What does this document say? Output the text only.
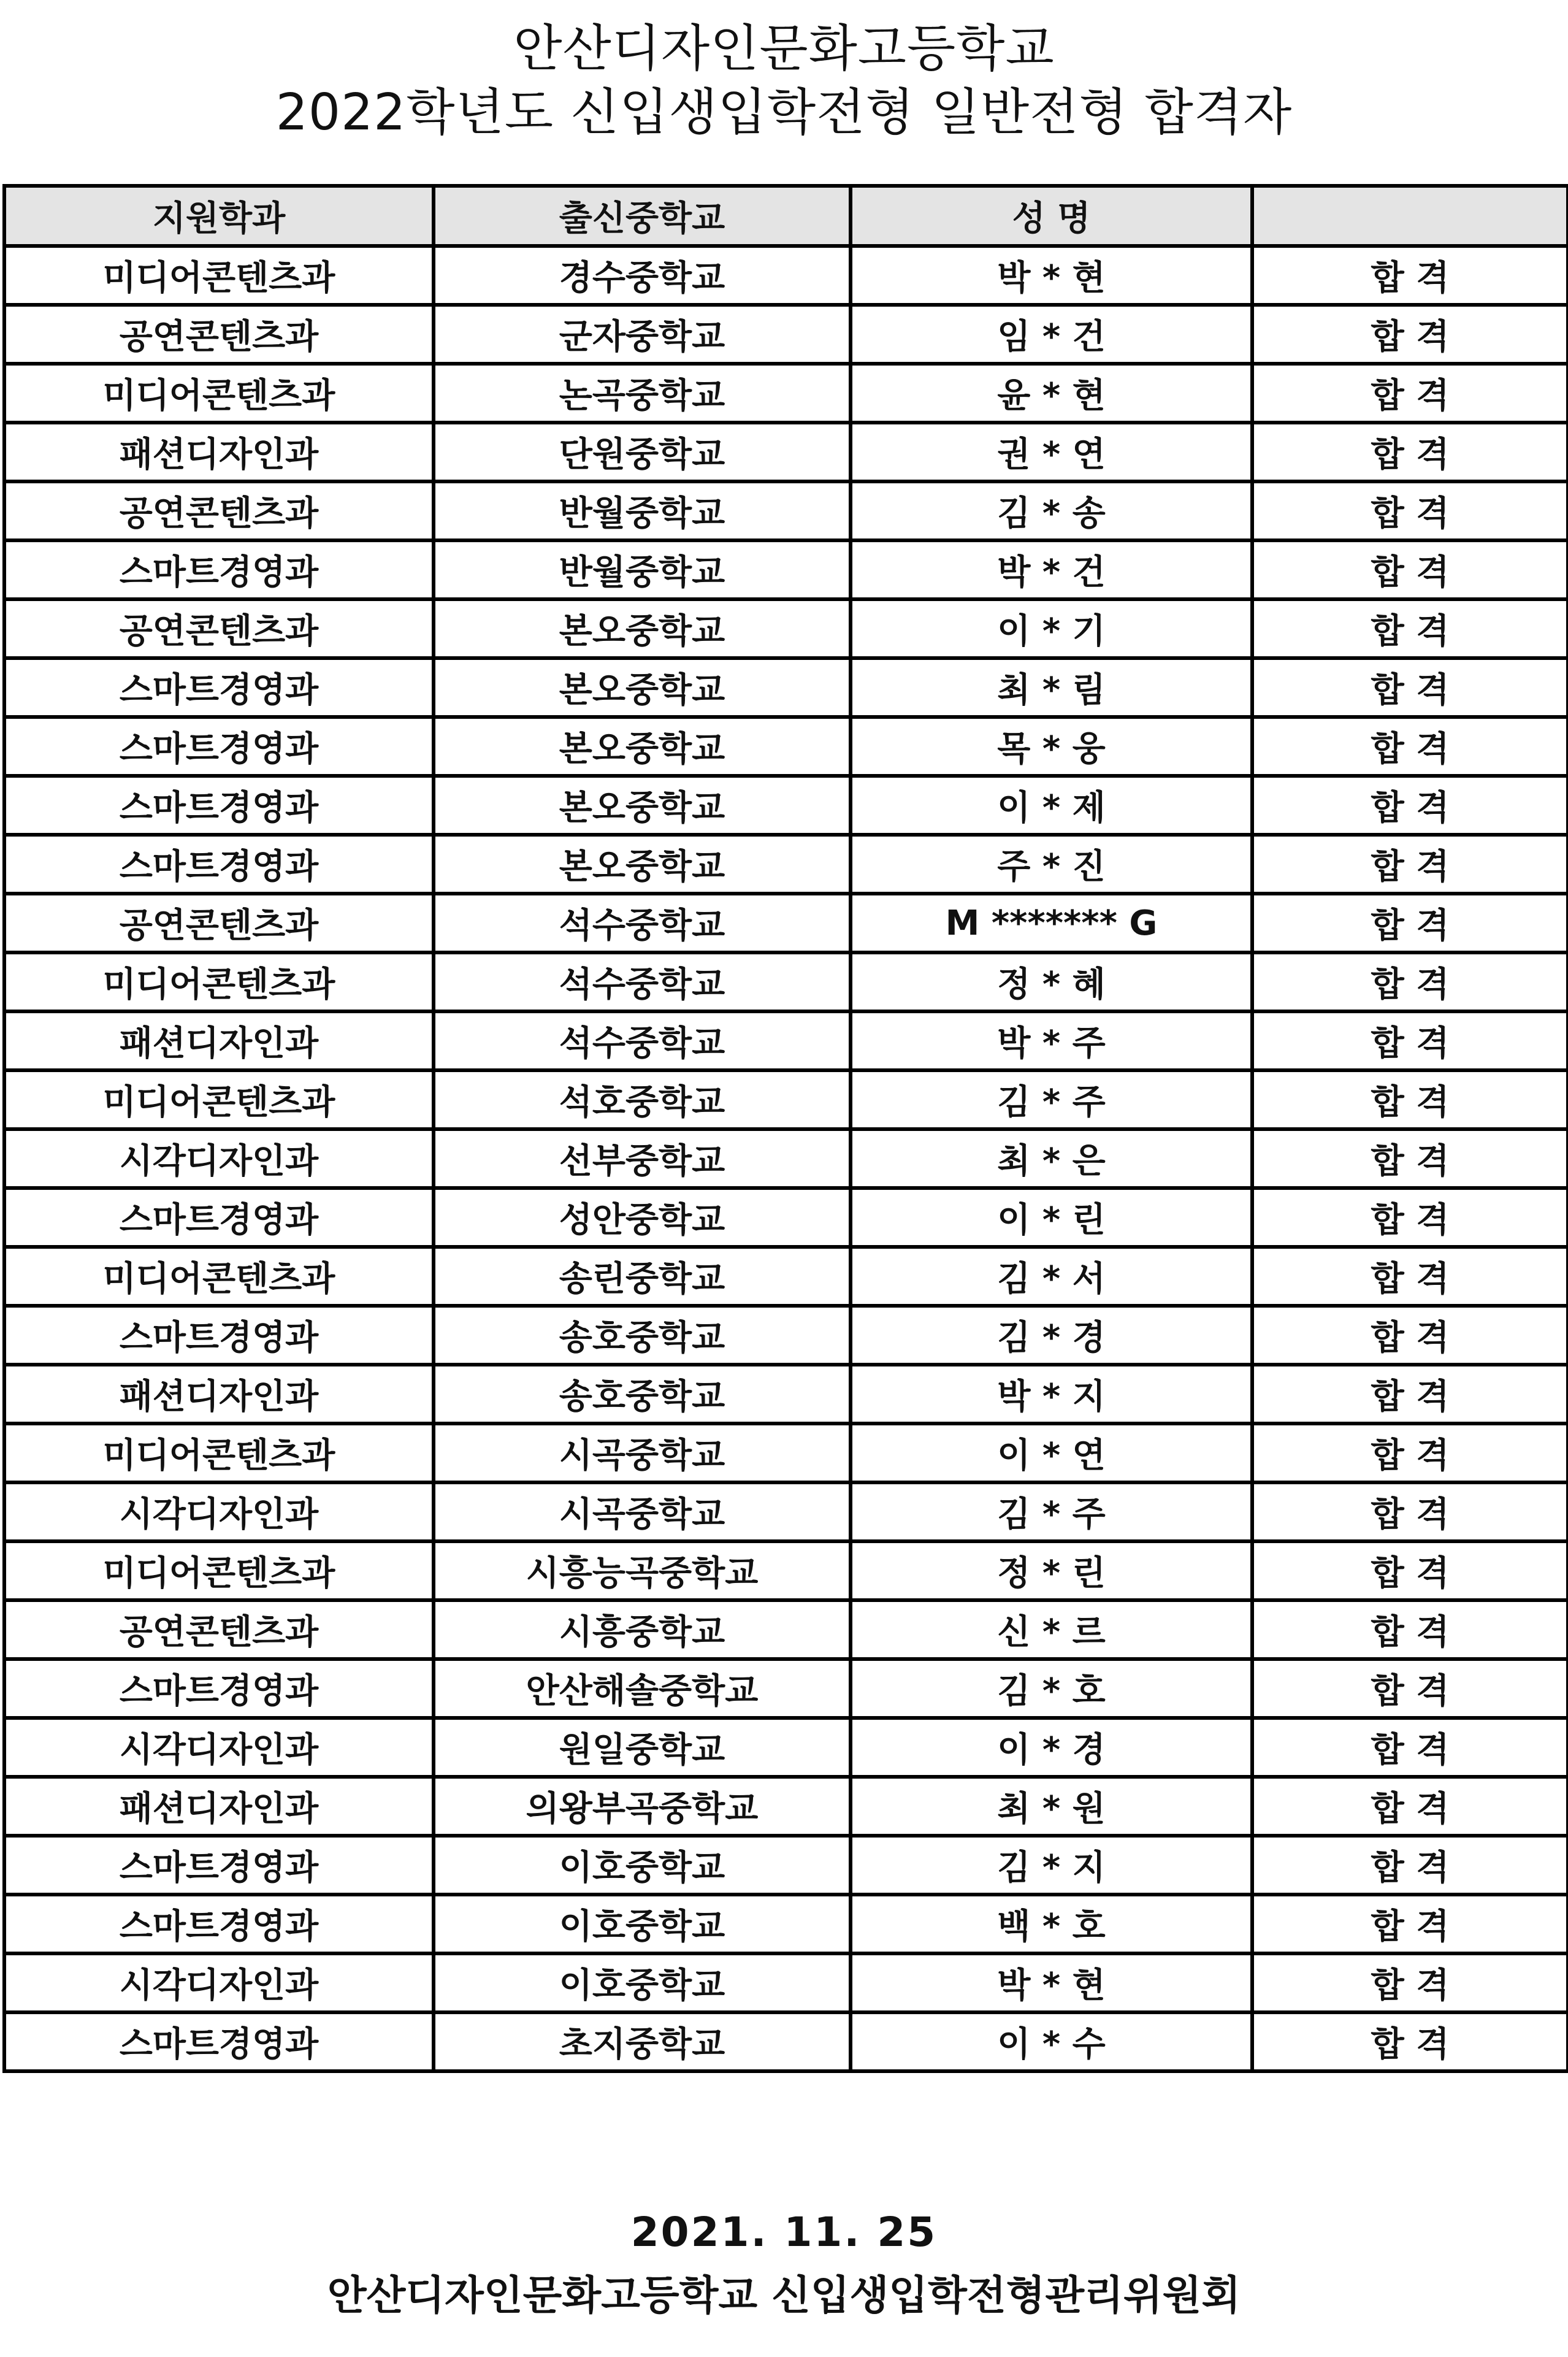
안산디자인문화고등학교
2022학년도 신입생입학전형 일반전형 합격자
지원학과	출신중학교	성 명	
미디어콘텐츠과	경수중학교	박 * 현	합 격
공연콘텐츠과	군자중학교	임 * 건	합 격
미디어콘텐츠과	논곡중학교	윤 * 현	합 격
패션디자인과	단원중학교	권 * 연	합 격
공연콘텐츠과	반월중학교	김 * 송	합 격
스마트경영과	반월중학교	박 * 건	합 격
공연콘텐츠과	본오중학교	이 * 기	합 격
스마트경영과	본오중학교	최 * 림	합 격
스마트경영과	본오중학교	목 * 웅	합 격
스마트경영과	본오중학교	이 * 제	합 격
스마트경영과	본오중학교	주 * 진	합 격
공연콘텐츠과	석수중학교	M ******* G	합 격
미디어콘텐츠과	석수중학교	정 * 혜	합 격
패션디자인과	석수중학교	박 * 주	합 격
미디어콘텐츠과	석호중학교	김 * 주	합 격
시각디자인과	선부중학교	최 * 은	합 격
스마트경영과	성안중학교	이 * 린	합 격
미디어콘텐츠과	송린중학교	김 * 서	합 격
스마트경영과	송호중학교	김 * 경	합 격
패션디자인과	송호중학교	박 * 지	합 격
미디어콘텐츠과	시곡중학교	이 * 연	합 격
시각디자인과	시곡중학교	김 * 주	합 격
미디어콘텐츠과	시흥능곡중학교	정 * 린	합 격
공연콘텐츠과	시흥중학교	신 * 르	합 격
스마트경영과	안산해솔중학교	김 * 호	합 격
시각디자인과	원일중학교	이 * 경	합 격
패션디자인과	의왕부곡중학교	최 * 원	합 격
스마트경영과	이호중학교	김 * 지	합 격
스마트경영과	이호중학교	백 * 호	합 격
시각디자인과	이호중학교	박 * 현	합 격
스마트경영과	초지중학교	이 * 수	합 격
2021. 11. 25
안산디자인문화고등학교 신입생입학전형관리위원회
